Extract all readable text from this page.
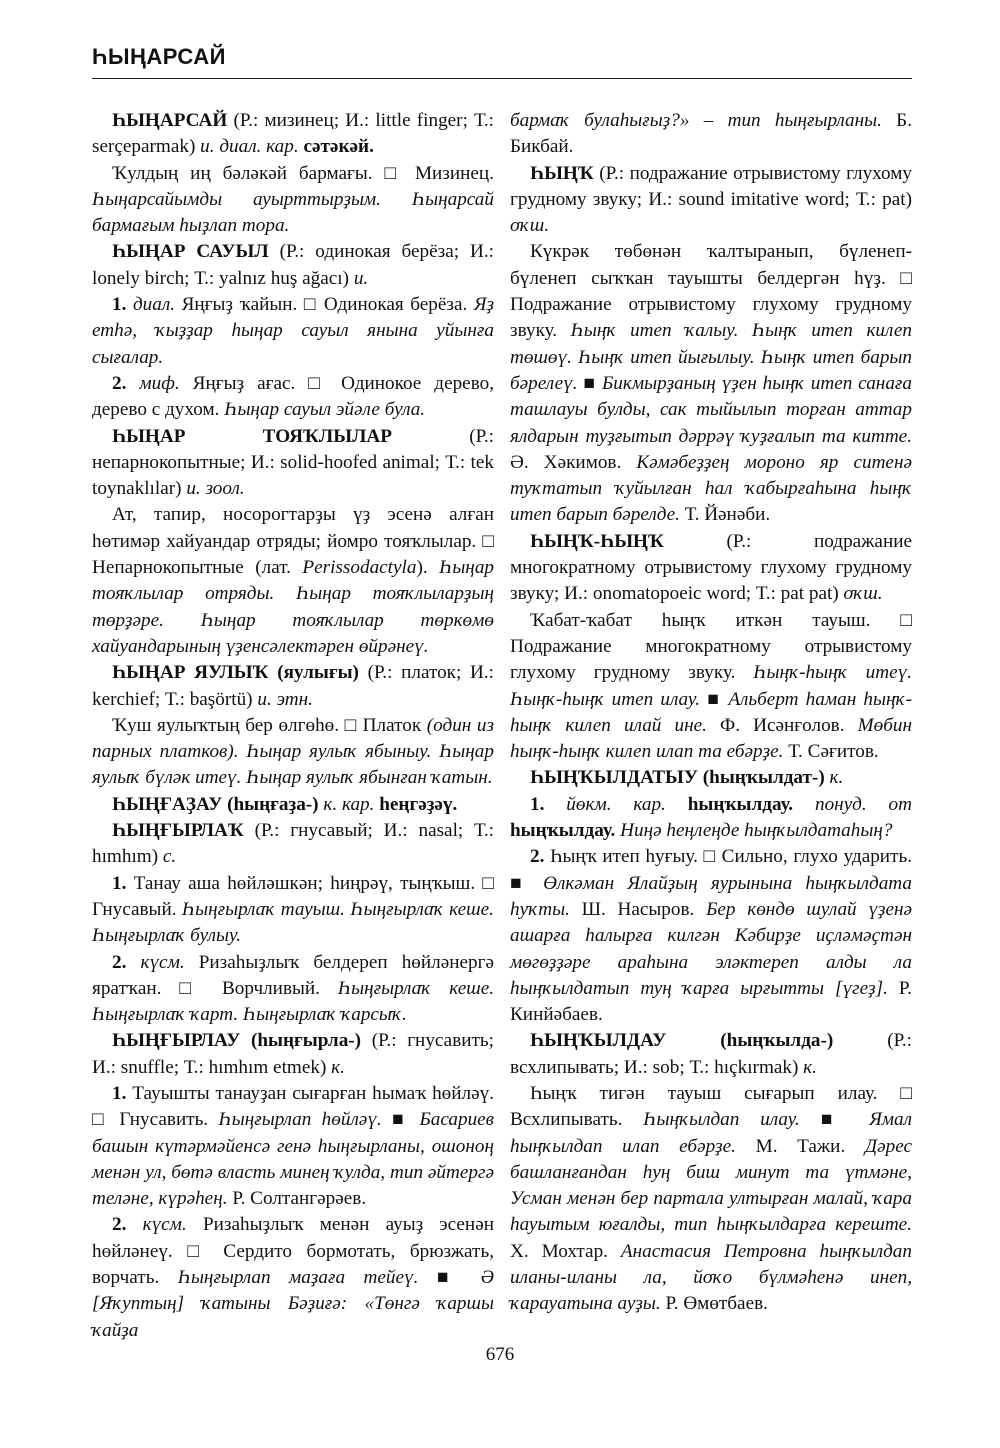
ҺЫҢАРСАЙ

ҺЫҢАРСАЙ (Р.: мизинец; И.: little finger; Т.: serçeparmak) и. диал. кар. сәтәкәй.

Ҡулдың иң бәләкәй бармағы. □ Мизинец. Һыңарсайымды ауырттырҙым. Һыңарсай бармағым һыҙлап тора.

ҺЫҢАР САУЫЛ (Р.: одинокая берёза; И.: lonely birch; Т.: yalnız huş ağacı) и.

1. диал. Яңғыҙ ҡайын. □ Одинокая берёза. Яҙ етһә, ҡыҙҙар һыңар сауыл янына уйынға сығалар.

2. миф. Яңғыҙ ағас. □ Одинокое дерево, дерево с духом. Һыңар сауыл эйәле була.

ҺЫҢАР ТОЯҠЛЫЛАР (Р.: непарнокопытные; И.: solid-hoofed animal; Т.: tek toynaklılar) и. зоол.

Ат, тапир, носорогтарҙы үҙ эсенә алған һөтимәр хайуандар отряды; йомро тояҡлылар. □ Непарнокопытные (лат. Perissodactyla). Һыңар тояҡлылар отряды. Һыңар тояҡлыларҙың төрҙәре. Һыңар тояҡлылар төркөмө хайуандарының үҙенсәлектәрен өйрәнеү.

ҺЫҢАР ЯУЛЫҠ (яулығы) (Р.: платок; И.: kerchief; Т.: başörtü) и. этн.

Ҡуш яулыҡтың бер өлгөһө. □ Платок (один из парных платков). Һыңар яулыҡ ябыныу. Һыңар яулыҡ бүләк итеү. Һыңар яулыҡ ябынған ҡатын.

ҺЫҢҒАҘАУ (һыңғаҙа-) к. кар. һеңгәҙәү.

ҺЫҢҒЫРЛАҠ (Р.: гнусавый; И.: nasal; Т.: hımhım) с.

1. Танау аша һөйләшкән; һиңрәү, тыңҡыш. □ Гнусавый. Һыңғырлаҡ тауыш. Һыңғырлаҡ кеше. Һыңғырлаҡ булыу.

2. күсм. Ризаһыҙлыҡ белдереп һөйләнергә яратҡан. □ Ворчливый. Һыңғырлаҡ кеше. Һыңғырлаҡ ҡарт. Һыңғырлаҡ ҡарсыҡ.

ҺЫҢҒЫРЛАУ (һыңғырла-) (Р.: гнусавить; И.: snuffle; Т.: hımhım etmek) к.

1. Тауышты танауҙан сығарған һымаҡ һөйләү. □ Гнусавить. Һыңғырлап һөйләү. ■ Басариев башын күтәрмәйенсә генә һыңғырланы, ошоноң менән ул, бөтә власть минең ҡулда, тип әйтергә теләне, күрәһең. Р. Солтангәрәев.

2. күсм. Ризаһыҙлыҡ менән ауыҙ эсенән һөйләнеү. □ Сердито бормотать, брюзжать, ворчать. Һыңғырлап маҙаға тейеү. ■ Ә [Яҡуптың] ҡатыны Бәҙиғә: «Төнгә ҡаршы ҡайҙа

бармаҡ булаһығыҙ?» – тип һыңғырланы. Б. Бикбай.

ҺЫҢҠ (Р.: подражание отрывистому глухому грудному звуку; И.: sound imitative word; Т.: pat) оҡш.

Күкрәк төбөнән ҡалтыранып, бүленеп-бүленеп сыҡҡан тауышты белдергән һүҙ. □ Подражание отрывистому глухому грудному звуку. Һыңҡ итеп ҡалыу. Һыңҡ итеп килеп төшөү. Һыңҡ итеп йығылыу. Һыңҡ итеп барып бәрелеү. ■ Бикмырҙаның үҙен һыңҡ итеп санаға ташлауы булды, сак тыйылып торған аттар ялдарын туҙғытып дәррәү ҡуҙғалып та китте. Ә. Хәкимов. Кәмәбеҙҙең мороно яр ситенә туҡтатып ҡуйылған һал ҡабырғаһына һыңҡ итеп барып бәрелде. Т. Йәнәби.

ҺЫҢҠ-ҺЫҢҠ (Р.: подражание многократному отрывистому глухому грудному звуку; И.: onomatopoeic word; Т.: pat pat) оҡш.

Ҡабат-ҡабат һыңҡ иткән тауыш. □ Подражание многократному отрывистому глухому грудному звуку. Һыңҡ-һыңҡ итеү. Һыңҡ-һыңҡ итеп илау. ■ Альберт һаман һыңҡ-һыңҡ килеп илай ине. Ф. Исәнғолов. Мөбин һыңҡ-һыңҡ килеп илап та ебәрҙе. Т. Сәғитов.

ҺЫҢҠЫЛДАТЫУ (һыңҡылдат-) к.

1. йөкм. кар. һыңҡылдау. понуд. от һыңҡылдау. Ниңә һеңлеңде һыңҡылдатаһың?

2. Һыңҡ итеп һуғыу. □ Сильно, глухо ударить. ■ Өлкәман Ялайҙың яурынына һыңҡылдата һуҡты. Ш. Насыров. Бер көндө шулай үҙенә ашарға һалырға килгән Кәбирҙе иҫләмәҫтән мөгөҙҙәре араһына эләктереп алды ла һыңҡылдатып туң ҡарға ырғытты [үгеҙ]. Р. Кинйәбаев.

ҺЫҢҠЫЛДАУ (һыңҡылда-) (Р.: всхлипывать; И.: sob; Т.: hıçkırmak) к.

Һыңҡ тигән тауыш сығарып илау. □ Всхлипывать. Һыңҡылдап илау. ■ Ямал һыңҡылдап илап ебәрҙе. М. Тажи. Дәрес башланғандан һуң биш минут та үтмәне, Усман менән бер партала ултырған малай, ҡара һауытым юғалды, тип һыңҡылдарға кереште. Х. Мохтар. Анастасия Петровна һыңҡылдап иланы-иланы ла, йоҡо бүлмәһенә инеп, ҡарауатына ауҙы. Р. Өмөтбаев.

676
